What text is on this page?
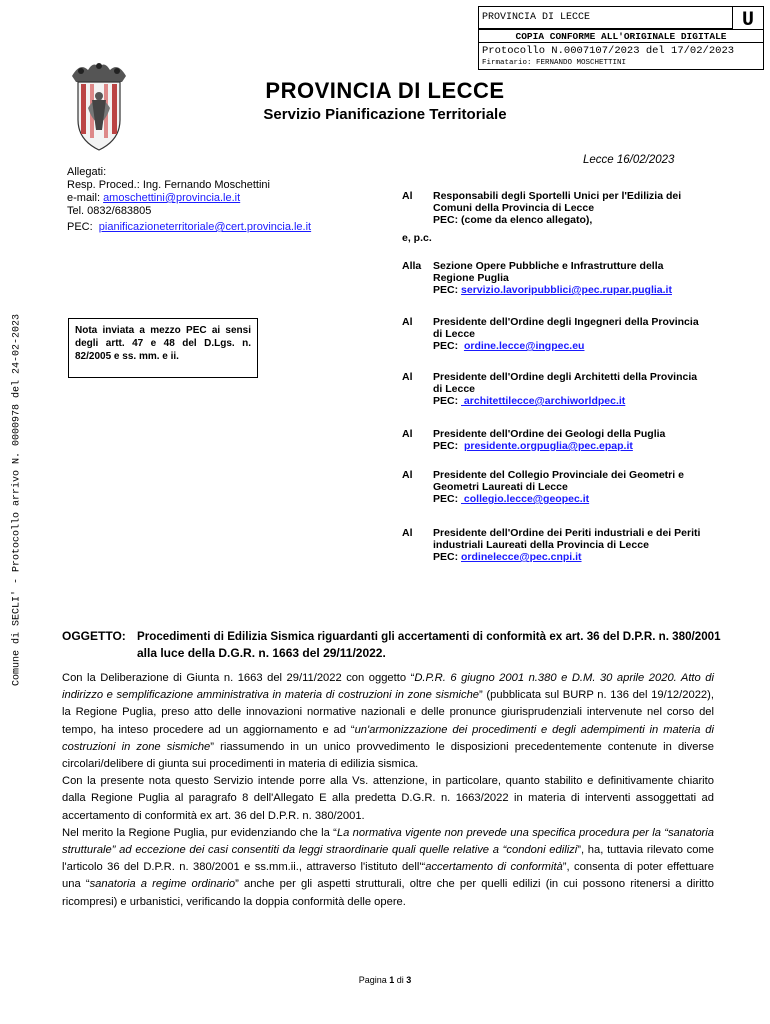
PROVINCIA DI LECCE	U
COPIA CONFORME ALL'ORIGINALE DIGITALE
Protocollo N.0007107/2023 del 17/02/2023
Firmatario: FERNANDO MOSCHETTINI
PROVINCIA DI LECCE
Servizio Pianificazione Territoriale
Lecce 16/02/2023
Allegati:
Resp. Proced.: Ing. Fernando Moschettini
e-mail: amoschettini@provincia.le.it
Tel. 0832/683805
PEC:  pianificazioneterritoriale@cert.provincia.le.it
Nota inviata a mezzo PEC ai sensi degli artt. 47 e 48 del D.Lgs. n. 82/2005 e ss. mm. e ii.
Comune di SECLI' - Protocollo arrivo N. 0000978 del 24-02-2023
Al Responsabili degli Sportelli Unici per l'Edilizia dei
Comuni della Provincia di Lecce
PEC: (come da elenco allegato),
e, p.c.
Alla Sezione Opere Pubbliche e Infrastrutture della
Regione Puglia
PEC: servizio.lavoripubblici@pec.rupar.puglia.it
Al Presidente dell'Ordine degli Ingegneri della Provincia
di Lecce
PEC:  ordine.lecce@ingpec.eu
Al Presidente dell'Ordine degli Architetti della Provincia
di Lecce
PEC:  architettilecce@archiworldpec.it
Al Presidente dell'Ordine dei Geologi della Puglia
PEC:  presidente.orgpuglia@pec.epap.it
Al Presidente del Collegio Provinciale dei Geometri e
Geometri Laureati di Lecce
PEC:  collegio.lecce@geopec.it
Al Presidente dell'Ordine dei Periti industriali e dei Periti
industriali Laureati della Provincia di Lecce
PEC: ordinelecce@pec.cnpi.it
OGGETTO: Procedimenti di Edilizia Sismica riguardanti gli accertamenti di conformità ex art. 36 del D.P.R. n. 380/2001
alla luce della D.G.R. n. 1663 del 29/11/2022.

Con la Deliberazione di Giunta n. 1663 del 29/11/2022 con oggetto “D.P.R. 6 giugno 2001 n.380 e D.M. 30 aprile 2020. Atto di indirizzo e semplificazione amministrativa in materia di costruzioni in zone sismiche” (pubblicata sul BURP n. 136 del 19/12/2022), la Regione Puglia, preso atto delle innovazioni normative nazionali e delle pronunce giurisprudenziali intervenute nel corso del tempo, ha inteso procedere ad un aggiornamento e ad “un'armonizzazione dei procedimenti e degli adempimenti in materia di costruzioni in zone sismiche” riassumendo in un unico provvedimento le disposizioni precedentemente contenute in diverse circolari/delibere di giunta sui procedimenti in materia di edilizia sismica.

Con la presente nota questo Servizio intende porre alla Vs. attenzione, in particolare, quanto stabilito e definitivamente chiarito dalla Regione Puglia al paragrafo 8 dell'Allegato E alla predetta D.G.R. n. 1663/2022 in materia di interventi assoggettati ad accertamento di conformità ex art. 36 del D.P.R. n. 380/2001.

Nel merito la Regione Puglia, pur evidenziando che la “La normativa vigente non prevede una specifica procedura per la “sanatoria strutturale” ad eccezione dei casi consentiti da leggi straordinarie quali quelle relative a “condoni edilizi”, ha, tuttavia rilevato come l'articolo 36 del D.P.R. n. 380/2001 e ss.mm.ii., attraverso l'istituto dell'“accertamento di conformità”, consenta di poter effettuare una “sanatoria a regime ordinario” anche per gli aspetti strutturali, oltre che per quelli edilizi (in cui possono ritenersi a diritto ricompresi) e urbanistici, verificando la doppia conformità delle opere.

Pagina 1 di 3
